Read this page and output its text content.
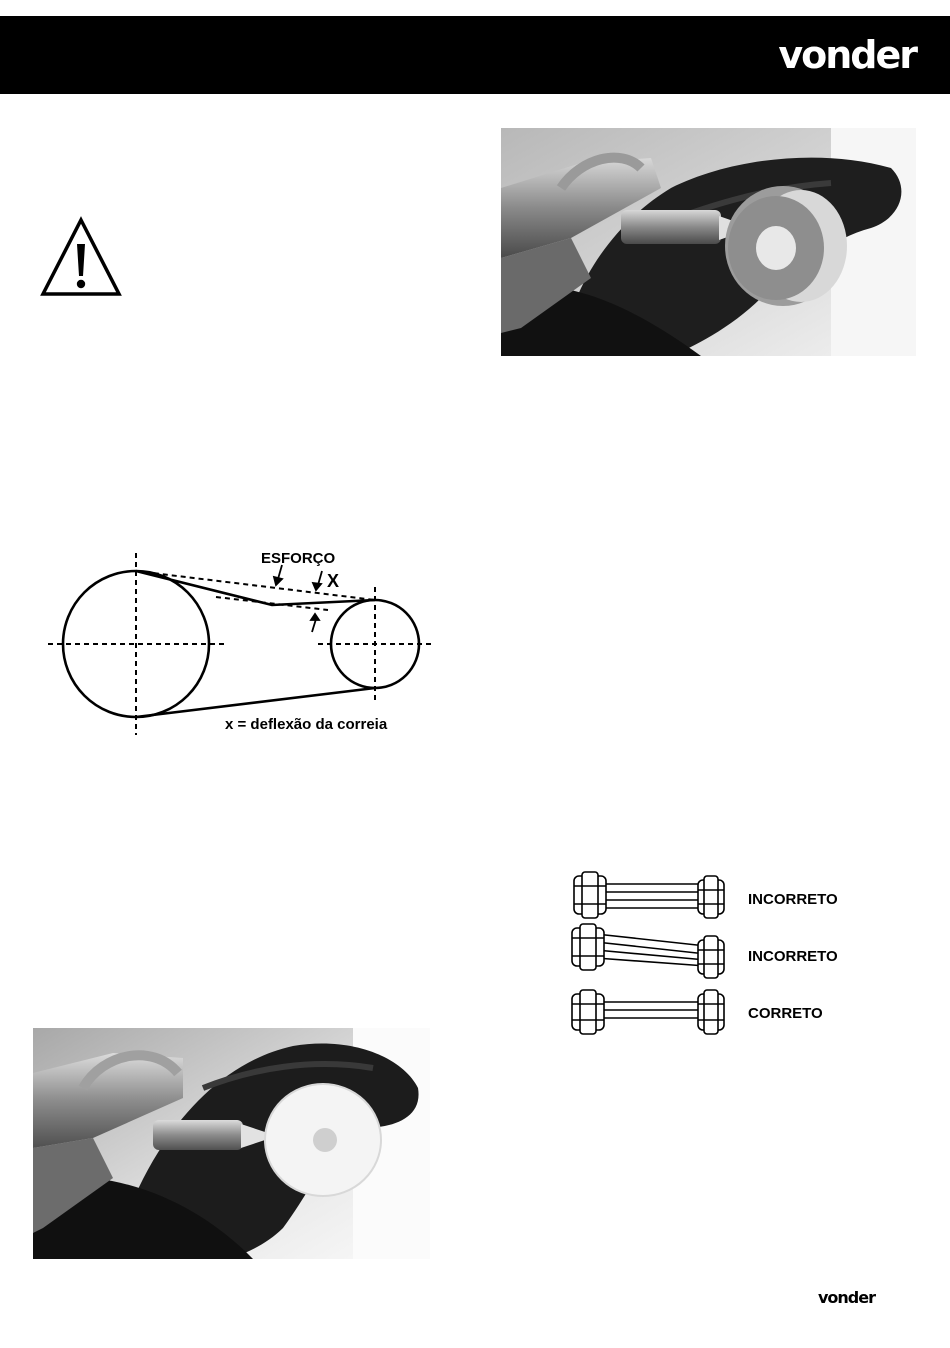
vonder
ESFORÇO
X
x = deflexão da correia
INCORRETO
INCORRETO
CORRETO
vonder
